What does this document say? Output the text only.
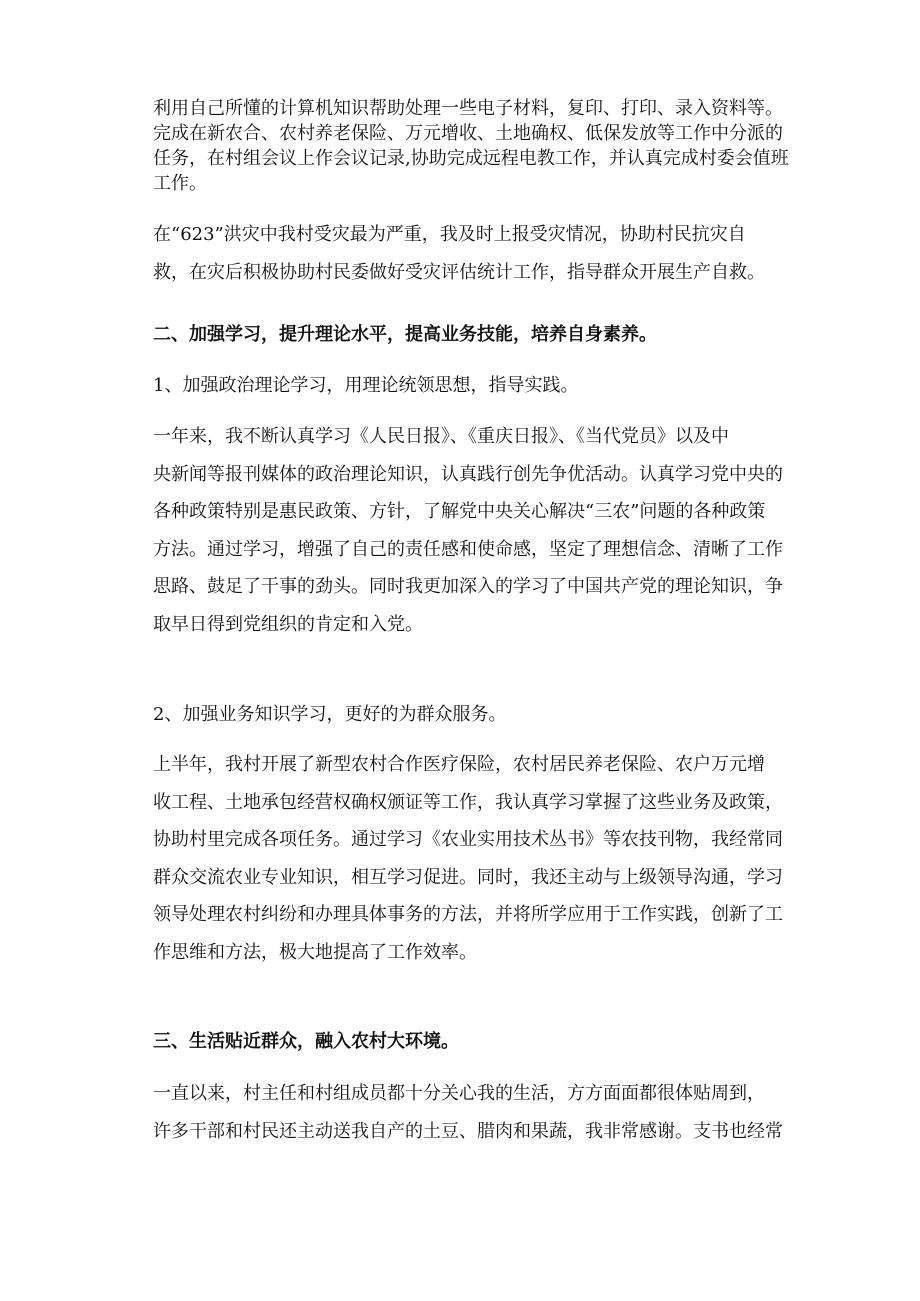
利用自己所懂的计算机知识帮助处理一些电子材料，复印、打印、录入资料等。
完成在新农合、农村养老保险、万元增收、土地确权、低保发放等工作中分派的
任务，在村组会议上作会议记录,协助完成远程电教工作，并认真完成村委会值班
工作。
在“623”洪灾中我村受灾最为严重，我及时上报受灾情况，协助村民抗灾自
救，在灾后积极协助村民委做好受灾评估统计工作，指导群众开展生产自救。
二、加强学习，提升理论水平，提高业务技能，培养自身素养。
1、加强政治理论学习，用理论统领思想，指导实践。
一年来，我不断认真学习《人民日报》、《重庆日报》、《当代党员》以及中
央新闻等报刊媒体的政治理论知识，认真践行创先争优活动。认真学习党中央的
各种政策特别是惠民政策、方针，了解党中央关心解决“三农”问题的各种政策
方法。通过学习，增强了自己的责任感和使命感，坚定了理想信念、清晰了工作
思路、鼓足了干事的劲头。同时我更加深入的学习了中国共产党的理论知识，争
取早日得到党组织的肯定和入党。
2、加强业务知识学习，更好的为群众服务。
上半年，我村开展了新型农村合作医疗保险，农村居民养老保险、农户万元增
收工程、土地承包经营权确权颁证等工作，我认真学习掌握了这些业务及政策，
协助村里完成各项任务。通过学习《农业实用技术丛书》等农技刊物，我经常同
群众交流农业专业知识，相互学习促进。同时，我还主动与上级领导沟通，学习
领导处理农村纠纷和办理具体事务的方法，并将所学应用于工作实践，创新了工
作思维和方法，极大地提高了工作效率。
三、生活贴近群众，融入农村大环境。
一直以来，村主任和村组成员都十分关心我的生活，方方面面都很体贴周到，
许多干部和村民还主动送我自产的土豆、腊肉和果蔬，我非常感谢。支书也经常
